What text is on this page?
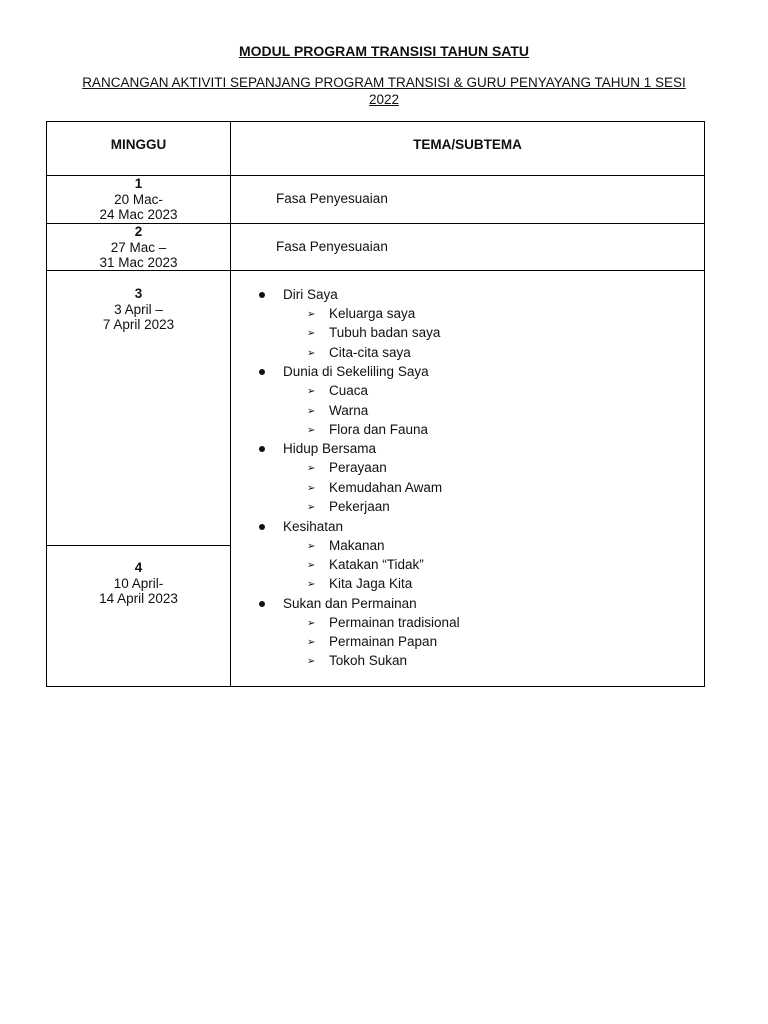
MODUL PROGRAM TRANSISI TAHUN SATU
RANCANGAN AKTIVITI SEPANJANG PROGRAM TRANSISI & GURU PENYAYANG TAHUN 1 SESI
2022
MINGGU	TEMA/SUBTEMA
1
20 Mac-
24 Mac 2023
Fasa Penyesuaian
2
27 Mac –
31 Mac 2023
Fasa Penyesuaian
3
3 April –
7 April 2023
4
10 April-
14 April 2023
Diri Saya
➢ Keluarga saya
➢ Tubuh badan saya
➢ Cita-cita saya
Dunia di Sekeliling Saya
➢ Cuaca
➢ Warna
➢ Flora dan Fauna
Hidup Bersama
➢ Perayaan
➢ Kemudahan Awam
➢ Pekerjaan
Kesihatan
➢ Makanan
➢ Katakan “Tidak”
➢ Kita Jaga Kita
Sukan dan Permainan
➢ Permainan tradisional
➢ Permainan Papan
➢ Tokoh Sukan
